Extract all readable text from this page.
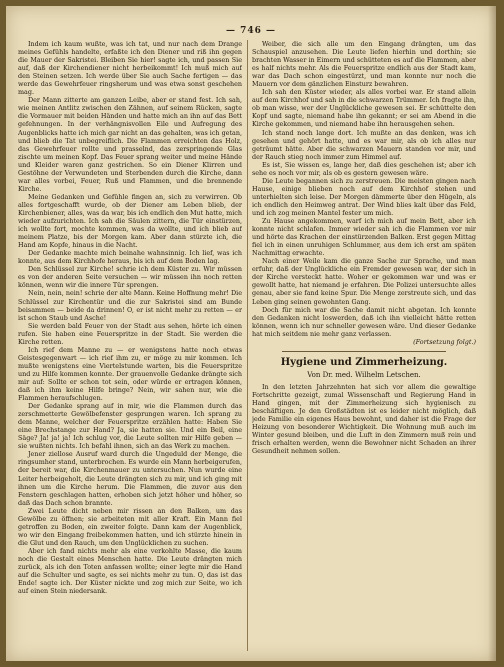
— 746 —

Indem ich kaum wußte, was ich tat, und nur nach dem Drange meines Gefühls handelte, erfaßte ich den Diener und riß ihn gegen die Mauer der Sakristei. Bleiben Sie hier! sagte ich, und passen Sie auf, daß der Kirchendiener nicht herbeikommt! Ich muß mich auf den Steinen setzen. Ich werde über Sie auch Sache fertigen — das werde das Gewehrfeuer ringsherum und was etwa sonst geschehen mag.

Der Mann zitterte am ganzen Leibe, aber er stand fest. Ich sah, wie meinen Antlitz zwischen den Zähnen, auf seinem Rücken, sagte die Vormauer mit beiden Händen und hatte mich an ihn auf das Bett gefehnungen. In der verhängnisvollen Eile und Aufregung des Augenblicks hatte ich mich gar nicht an das gehalten, was ich getan, und blieb die Tat unbegreiflich. Die Flammen erreichten das Holz, das Gewehrfeuer rollte und prasselnd, das zerspringende Glas zischte um meinen Kopf. Das Feuer sprang weiter und meine Hände und Kleider waren ganz gestrichen. So ein Diener Klirren und Gestöhne der Verwundeten und Sterbenden durch die Kirche, dann war alles vorbei, Feuer, Ruß und Flammen, und die brennende Kirche.

Meine Gedanken und Gefühle fingen an, sich zu verwirren. Ob alles fortgeschafft wurde, ob der Diener am Leben blieb, der Kirchenbiener, alles, was da war, bis ich endlich den Mut hatte, mich wieder aufzurichten. Ich sah die Säulen zittern, die Tür einstürzen, ich wollte fort, mochte kommen, was da wollte, und ich blieb auf meinem Platze, bis der Morgen kam. Aber dann stürzte ich, die Hand am Kopfe, hinaus in die Nacht.

Der Gedanke machte mich beinahe wahnsinnig. Ich lief, was ich konnte, aus dem Kirchhofe heraus, bis ich auf dem Boden lag.

Den Schlüssel zur Kirche! schrie ich dem Küster zu. Wir müssen es von der anderen Seite versuchen — wir müssen ihn noch retten können, wenn wir die innere Tür sprengen.

Nein, nein, nein! schrie der alte Mann. Keine Hoffnung mehr! Die Schlüssel zur Kirchentür und die zur Sakristei sind am Bunde beisammen — beide da drinnen! O, er ist nicht mehr zu retten — er ist schon Staub und Asche!

Sie werden bald Feuer von der Stadt aus sehen, hörte ich einen rufen. Sie haben eine Feuerspritze in der Stadt. Sie werden die Kirche retten.

Ich rief dem Manne zu — er wenigstens hatte noch etwas Geistesgegenwart — ich rief ihm zu, er möge zu mir kommen. Ich mußte wenigstens eine Viertelstunde warten, bis die Feuerspritze und zu Hilfe kommen konnte. Der grauenvolle Gedanke drängte sich mir auf: Sollte er schon tot sein, oder würde er ertragen können, daß ich ihm keine Hilfe bringe? Nein, wir sahen nur, wie die Flammen heraufschlugen.

Der Gedanke sprang auf in mir, wie die Flammen durch das zerschmetterte Gewölbefenster gesprungen waren. Ich sprang zu dem Manne, welcher der Feuerspritze erzählen hatte: Haben Sie eine Brechstange zur Hand? Ja, sie hatten sie. Und ein Beil, eine Säge? Ja! ja! ja! Ich schlug vor, die Leute sollten mir Hilfe geben — sie wußten nichts. Ich befahl ihnen, sich an das Werk zu machen.

Jener ziellose Ausruf ward durch die Ungeduld der Menge, die ringsumher stand, unterbrochen. Es wurde ein Mann herbeigerufen, der bereit war, die Kirchenmauer zu untersuchen. Nun wurde eine Leiter herbeigeholt, die Leute drängten sich zu mir, und ich ging mit ihnen um die Kirche herum. Die Flammen, die zuvor aus den Fenstern geschlagen hatten, erhoben sich jetzt höher und höher, so daß das Dach schon brannte.

Zwei Leute dicht neben mir rissen an den Balken, um das Gewölbe zu öffnen; sie arbeiteten mit aller Kraft. Ein Mann fiel getroffen zu Boden, ein zweiter folgte. Dann kam der Augenblick, wo wir den Eingang freibekommen hatten, und ich stürzte hinein in die Glut und den Rauch, um den Unglücklichen zu suchen.

Aber ich fand nichts mehr als eine verkohlte Masse, die kaum noch die Gestalt eines Menschen hatte. Die Leute drängten mich zurück, als ich den Toten anfassen wollte; einer legte mir die Hand auf die Schulter und sagte, es sei nichts mehr zu tun. O, das ist das Ende! sagte ich. Der Küster nickte und zog mich zur Seite, wo ich auf einen Stein niedersank.

Weiber, die sich alle um den Eingang drängten, um das Schauspiel anzusehen. Die Leute liefen hierhin und dorthin; sie brachten Wasser in Eimern und schütteten es auf die Flammen, aber es half nichts mehr. Als die Feuerspritze endlich aus der Stadt kam, war das Dach schon eingestürzt, und man konnte nur noch die Mauern vor dem gänzlichen Einsturz bewahren.

Ich sah den Küster wieder, als alles vorbei war. Er stand allein auf dem Kirchhof und sah in die schwarzen Trümmer. Ich fragte ihn, ob man wisse, wer der Unglückliche gewesen sei. Er schüttelte den Kopf und sagte, niemand habe ihn gekannt; er sei am Abend in die Kirche gekommen, und niemand habe ihn herausgehen sehen.

Ich stand noch lange dort. Ich mußte an das denken, was ich gesehen und gehört hatte, und es war mir, als ob ich alles nur geträumt hätte. Aber die schwarzen Mauern standen vor mir, und der Rauch stieg noch immer zum Himmel auf.

Es ist, Sie wissen es, lange her, daß dies geschehen ist; aber ich sehe es noch vor mir, als ob es gestern gewesen wäre.

Die Leute begannen sich zu zerstreuen. Die meisten gingen nach Hause, einige blieben noch auf dem Kirchhof stehen und unterhielten sich leise. Der Morgen dämmerte über den Hügeln, als ich endlich den Heimweg antrat. Der Wind blies kalt über das Feld, und ich zog meinen Mantel fester um mich.

Zu Hause angekommen, warf ich mich auf mein Bett, aber ich konnte nicht schlafen. Immer wieder sah ich die Flammen vor mir und hörte das Krachen der einstürzenden Balken. Erst gegen Mittag fiel ich in einen unruhigen Schlummer, aus dem ich erst am späten Nachmittag erwachte.

Nach einer Weile kam die ganze Sache zur Sprache, und man erfuhr, daß der Unglückliche ein Fremder gewesen war, der sich in der Kirche versteckt hatte. Woher er gekommen war und was er gewollt hatte, hat niemand je erfahren. Die Polizei untersuchte alles genau, aber sie fand keine Spur. Die Menge zerstreute sich, und das Leben ging seinen gewohnten Gang.

Doch für mich war die Sache damit nicht abgetan. Ich konnte den Gedanken nicht loswerden, daß ich ihn vielleicht hätte retten können, wenn ich nur schneller gewesen wäre. Und dieser Gedanke hat mich seitdem nie mehr ganz verlassen.

(Fortsetzung folgt.)

Hygiene und Zimmerheizung.
Von Dr. med. Wilhelm Letschen.

In den letzten Jahrzehnten hat sich vor allem die gewaltige Fortschritte gezeigt, zumal Wissenschaft und Regierung Hand in Hand gingen, mit der Zimmerheizung sich hygienisch zu beschäftigen. Je den Großstädten ist es leider nicht möglich, daß jede Familie ein eigenes Haus bewohnt, und daher ist die Frage der Heizung von besonderer Wichtigkeit. Die Wohnung muß auch im Winter gesund bleiben, und die Luft in den Zimmern muß rein und frisch erhalten werden, wenn die Bewohner nicht Schaden an ihrer Gesundheit nehmen sollen.
